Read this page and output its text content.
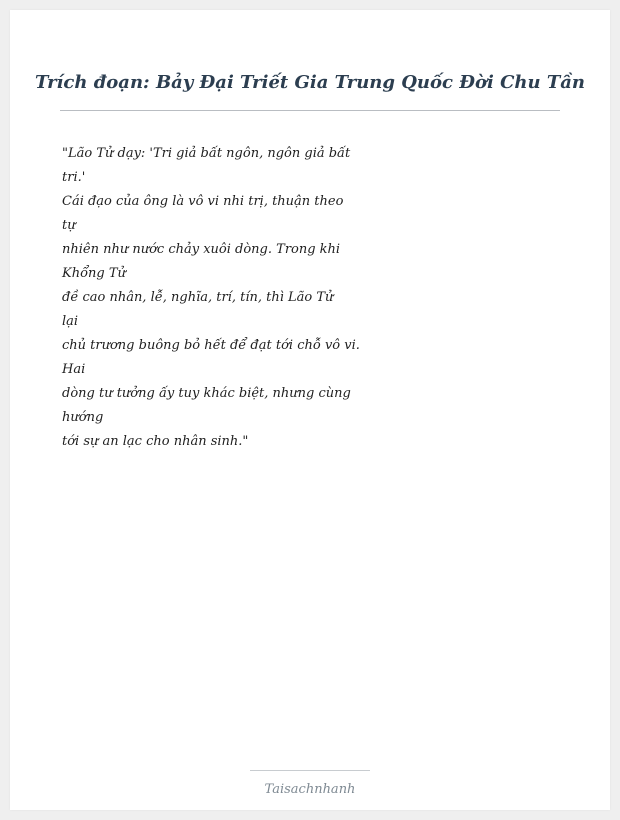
Trích đoạn: Bảy Đại Triết Gia Trung Quốc Đời Chu Tần
"Lão Tử dạy: 'Tri giả bất ngôn, ngôn giả bất
tri.'
Cái đạo của ông là vô vi nhi trị, thuận theo
tự
nhiên như nước chảy xuôi dòng. Trong khi
Khổng Tử
đề cao nhân, lễ, nghĩa, trí, tín, thì Lão Tử
lại
chủ trương buông bỏ hết để đạt tới chỗ vô vi.
Hai
dòng tư tưởng ấy tuy khác biệt, nhưng cùng
hướng
tới sự an lạc cho nhân sinh."
Taisachnhanh
